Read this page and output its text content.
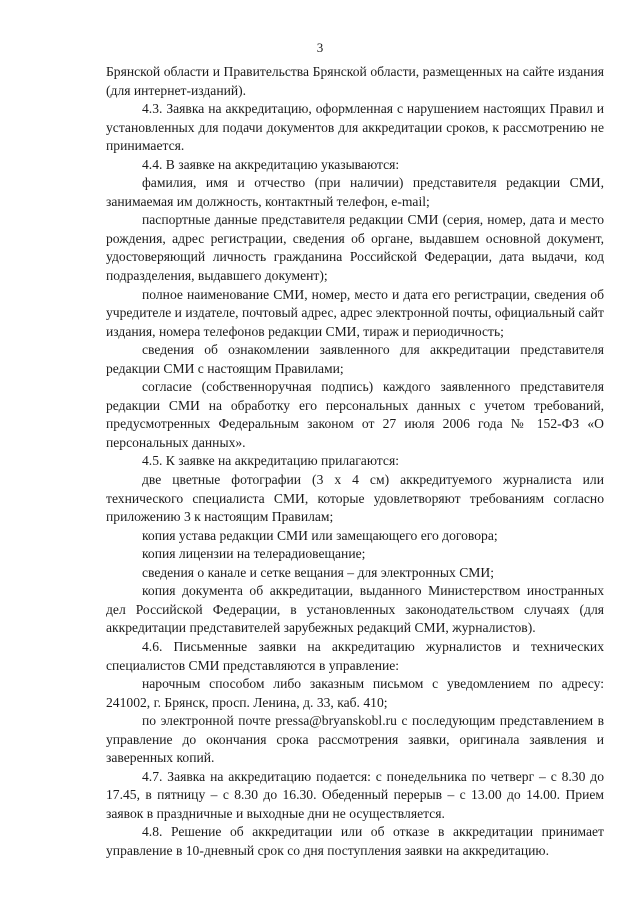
3

Брянской области и Правительства Брянской области, размещенных на сайте издания (для интернет-изданий).

4.3. Заявка на аккредитацию, оформленная с нарушением настоящих Правил и установленных для подачи документов для аккредитации сроков, к рассмотрению не принимается.

4.4. В заявке на аккредитацию указываются:

фамилия, имя и отчество (при наличии) представителя редакции СМИ, занимаемая им должность, контактный телефон, e-mail;

паспортные данные представителя редакции СМИ (серия, номер, дата и место рождения, адрес регистрации, сведения об органе, выдавшем основной документ, удостоверяющий личность гражданина Российской Федерации, дата выдачи, код подразделения, выдавшего документ);

полное наименование СМИ, номер, место и дата его регистрации, сведения об учредителе и издателе, почтовый адрес, адрес электронной почты, официальный сайт издания, номера телефонов редакции СМИ, тираж и периодичность;

сведения об ознакомлении заявленного для аккредитации представителя редакции СМИ с настоящим Правилами;

согласие (собственноручная подпись) каждого заявленного представителя редакции СМИ на обработку его персональных данных с учетом требований, предусмотренных Федеральным законом от 27 июля 2006 года № 152-ФЗ «О персональных данных».

4.5. К заявке на аккредитацию прилагаются:

две цветные фотографии (3 x 4 см) аккредитуемого журналиста или технического специалиста СМИ, которые удовлетворяют требованиям согласно приложению 3 к настоящим Правилам;

копия устава редакции СМИ или замещающего его договора;

копия лицензии на телерадиовещание;

сведения о канале и сетке вещания – для электронных СМИ;

копия документа об аккредитации, выданного Министерством иностранных дел Российской Федерации, в установленных законодательством случаях (для аккредитации представителей зарубежных редакций СМИ, журналистов).

4.6. Письменные заявки на аккредитацию журналистов и технических специалистов СМИ представляются в управление:

нарочным способом либо заказным письмом с уведомлением по адресу: 241002, г. Брянск, просп. Ленина, д. 33, каб. 410;

по электронной почте pressa@bryanskobl.ru с последующим представлением в управление до окончания срока рассмотрения заявки, оригинала заявления и заверенных копий.

4.7. Заявка на аккредитацию подается: с понедельника по четверг – с 8.30 до 17.45, в пятницу – с 8.30 до 16.30. Обеденный перерыв – с 13.00 до 14.00. Прием заявок в праздничные и выходные дни не осуществляется.

4.8. Решение об аккредитации или об отказе в аккредитации принимает управление в 10-дневный срок со дня поступления заявки на аккредитацию.
